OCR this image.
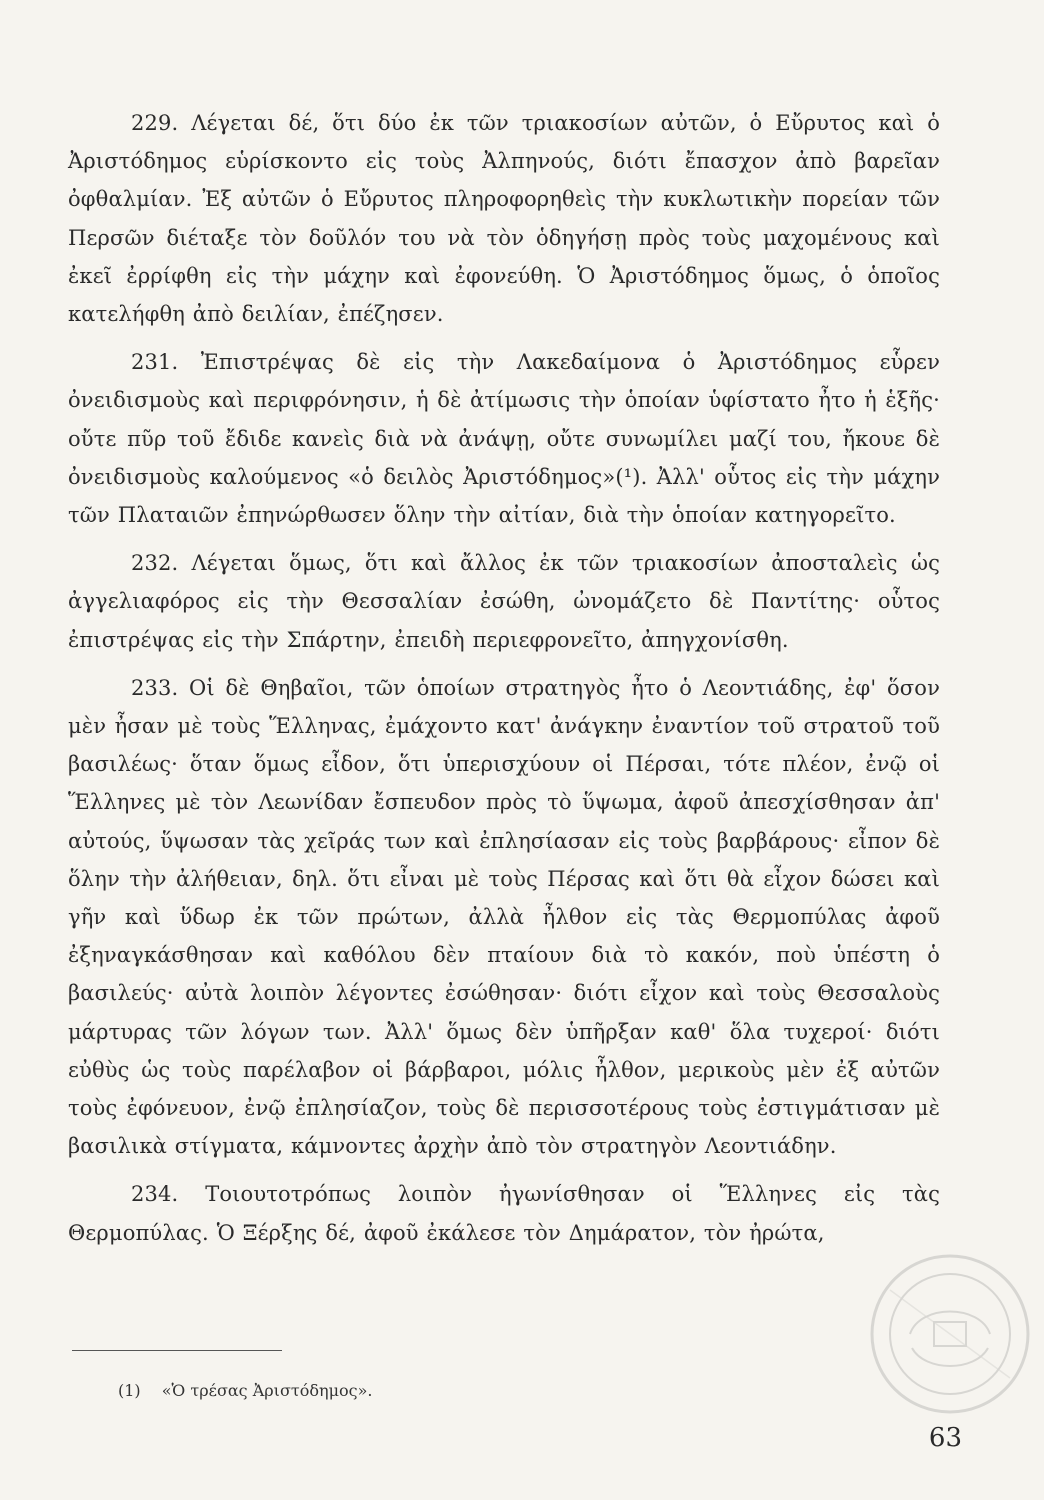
229. Λέγεται δέ, ὅτι δύο ἐκ τῶν τριακοσίων αὐτῶν, ὁ Εὔρυτος καὶ ὁ Ἀριστόδημος εὑρίσκοντο εἰς τοὺς Ἀλπηνούς, διότι ἔπασχον ἀπὸ βαρεῖαν ὀφθαλμίαν. Ἐξ αὐτῶν ὁ Εὔρυτος πληροφορηθεὶς τὴν κυκλωτικὴν πορείαν τῶν Περσῶν διέταξε τὸν δοῦλόν του νὰ τὸν ὁδηγήσῃ πρὸς τοὺς μαχομένους καὶ ἐκεῖ ἐρρίφθη εἰς τὴν μάχην καὶ ἐφονεύθη. Ὁ Ἀριστόδημος ὅμως, ὁ ὁποῖος κατελήφθη ἀπὸ δειλίαν, ἐπέζησεν.

231. Ἐπιστρέψας δὲ εἰς τὴν Λακεδαίμονα ὁ Ἀριστόδημος εὗρεν ὀνειδισμοὺς καὶ περιφρόνησιν, ἡ δὲ ἀτίμωσις τὴν ὁποίαν ὑφίστατο ἦτο ἡ ἑξῆς· οὔτε πῦρ τοῦ ἔδιδε κανεὶς διὰ νὰ ἀνάψῃ, οὔτε συνωμίλει μαζί του, ἤκουε δὲ ὀνειδισμοὺς καλούμενος «ὁ δειλὸς Ἀριστόδημος»(¹). Ἀλλ' οὗτος εἰς τὴν μάχην τῶν Πλαταιῶν ἐπηνώρθωσεν ὅλην τὴν αἰτίαν, διὰ τὴν ὁποίαν κατηγορεῖτο.

232. Λέγεται ὅμως, ὅτι καὶ ἄλλος ἐκ τῶν τριακοσίων ἀποσταλεὶς ὡς ἀγγελιαφόρος εἰς τὴν Θεσσαλίαν ἐσώθη, ὠνομάζετο δὲ Παντίτης· οὗτος ἐπιστρέψας εἰς τὴν Σπάρτην, ἐπειδὴ περιεφρονεῖτο, ἀπηγχονίσθη.

233. Οἱ δὲ Θηβαῖοι, τῶν ὁποίων στρατηγὸς ἦτο ὁ Λεοντιάδης, ἐφ' ὅσον μὲν ἦσαν μὲ τοὺς Ἕλληνας, ἐμάχοντο κατ' ἀνάγκην ἐναντίον τοῦ στρατοῦ τοῦ βασιλέως· ὅταν ὅμως εἶδον, ὅτι ὑπερισχύουν οἱ Πέρσαι, τότε πλέον, ἐνῷ οἱ Ἕλληνες μὲ τὸν Λεωνίδαν ἔσπευδον πρὸς τὸ ὕψωμα, ἀφοῦ ἀπεσχίσθησαν ἀπ' αὐτούς, ὕψωσαν τὰς χεῖράς των καὶ ἐπλησίασαν εἰς τοὺς βαρβάρους· εἶπον δὲ ὅλην τὴν ἀλήθειαν, δηλ. ὅτι εἶναι μὲ τοὺς Πέρσας καὶ ὅτι θὰ εἶχον δώσει καὶ γῆν καὶ ὕδωρ ἐκ τῶν πρώτων, ἀλλὰ ἦλθον εἰς τὰς Θερμοπύλας ἀφοῦ ἐξηναγκάσθησαν καὶ καθόλου δὲν πταίουν διὰ τὸ κακόν, ποὺ ὑπέστη ὁ βασιλεύς· αὐτὰ λοιπὸν λέγοντες ἐσώθησαν· διότι εἶχον καὶ τοὺς Θεσσαλοὺς μάρτυρας τῶν λόγων των. Ἀλλ' ὅμως δὲν ὑπῆρξαν καθ' ὅλα τυχεροί· διότι εὐθὺς ὡς τοὺς παρέλαβον οἱ βάρβαροι, μόλις ἦλθον, μερικοὺς μὲν ἐξ αὐτῶν τοὺς ἐφόνευον, ἐνῷ ἐπλησίαζον, τοὺς δὲ περισσοτέρους τοὺς ἐστιγμάτισαν μὲ βασιλικὰ στίγματα, κάμνοντες ἀρχὴν ἀπὸ τὸν στρατηγὸν Λεοντιάδην.

234. Τοιουτοτρόπως λοιπὸν ἠγωνίσθησαν οἱ Ἕλληνες εἰς τὰς Θερμοπύλας. Ὁ Ξέρξης δέ, ἀφοῦ ἐκάλεσε τὸν Δημάρατον, τὸν ἠρώτα,

(1) «Ὁ τρέσας Ἀριστόδημος».
63
